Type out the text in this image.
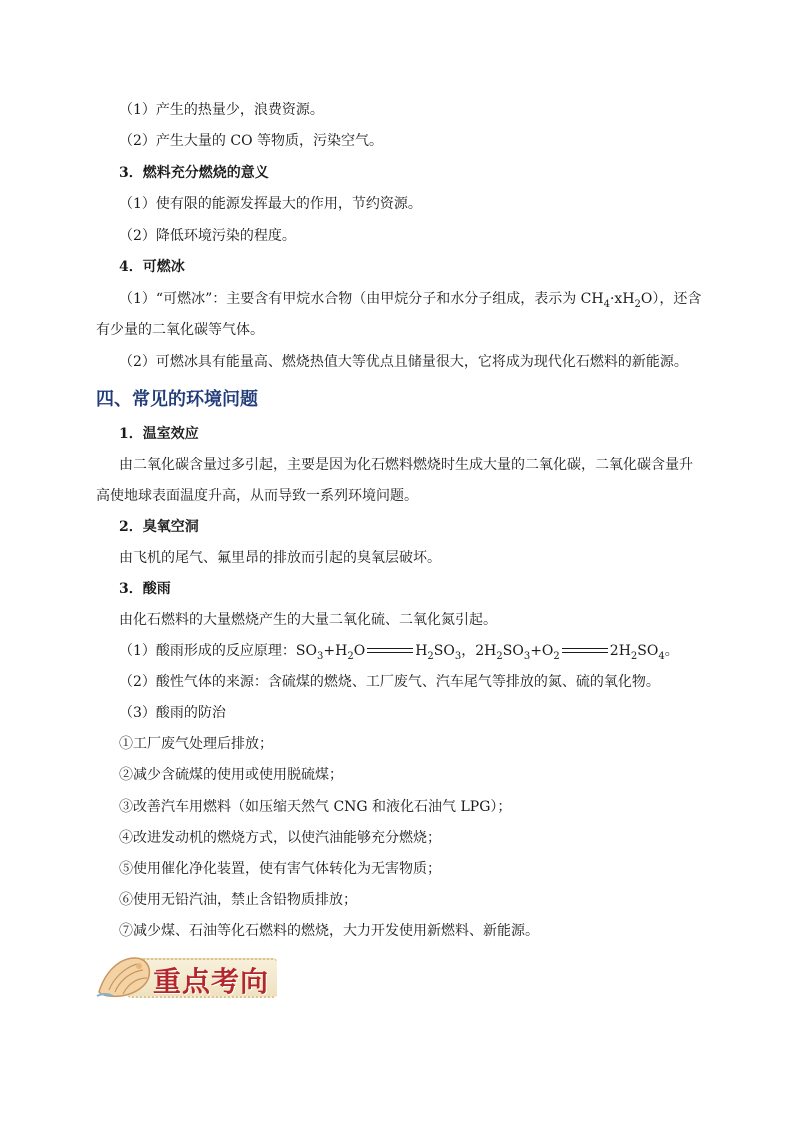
（1）产生的热量少，浪费资源。
（2）产生大量的 CO 等物质，污染空气。
3．燃料充分燃烧的意义
（1）使有限的能源发挥最大的作用，节约资源。
（2）降低环境污染的程度。
4．可燃冰
（1）“可燃冰”：主要含有甲烷水合物（由甲烷分子和水分子组成，表示为 $CH_4\cdot xH_2O$），还含
有少量的二氧化碳等气体。
（2）可燃冰具有能量高、燃烧热值大等优点且储量很大，它将成为现代化石燃料的新能源。
四、常见的环境问题
1．温室效应
由二氧化碳含量过多引起，主要是因为化石燃料燃烧时生成大量的二氧化碳，二氧化碳含量升
高使地球表面温度升高，从而导致一系列环境问题。
2．臭氧空洞
由飞机的尾气、氟里昂的排放而引起的臭氧层破坏。
3．酸雨
由化石燃料的大量燃烧产生的大量二氧化硫、二氧化氮引起。
（1）酸雨形成的反应原理：$SO_3+H_2O$	$H_2SO_3$，$2H_2SO_3+O_2$	$2H_2SO_4$。
（2）酸性气体的来源：含硫煤的燃烧、工厂废气、汽车尾气等排放的氮、硫的氧化物。
（3）酸雨的防治
①工厂废气处理后排放；
②减少含硫煤的使用或使用脱硫煤；
③改善汽车用燃料（如压缩天然气 CNG 和液化石油气 LPG）；
④改进发动机的燃烧方式，以使汽油能够充分燃烧；
⑤使用催化净化装置，使有害气体转化为无害物质；
⑥使用无铅汽油，禁止含铅物质排放；
⑦减少煤、石油等化石燃料的燃烧，大力开发使用新燃料、新能源。
重点考向
